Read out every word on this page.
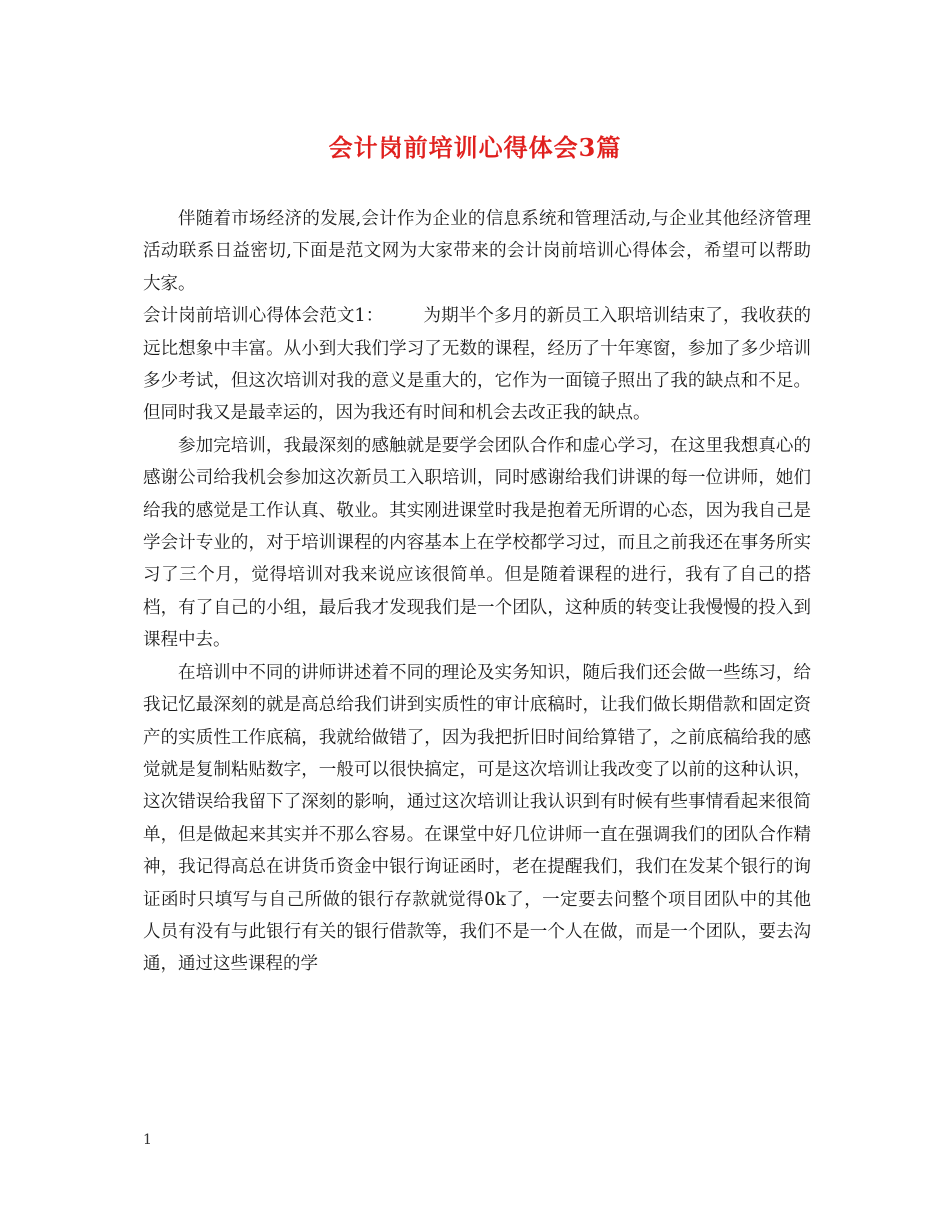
会计岗前培训心得体会3篇

伴随着市场经济的发展,会计作为企业的信息系统和管理活动,与企业其他经济管理活动联系日益密切,下面是范文网为大家带来的会计岗前培训心得体会，希望可以帮助大家。

会计岗前培训心得体会范文1： 为期半个多月的新员工入职培训结束了，我收获的远比想象中丰富。从小到大我们学习了无数的课程，经历了十年寒窗，参加了多少培训多少考试，但这次培训对我的意义是重大的，它作为一面镜子照出了我的缺点和不足。但同时我又是最幸运的，因为我还有时间和机会去改正我的缺点。

参加完培训，我最深刻的感触就是要学会团队合作和虚心学习，在这里我想真心的感谢公司给我机会参加这次新员工入职培训，同时感谢给我们讲课的每一位讲师，她们给我的感觉是工作认真、敬业。其实刚进课堂时我是抱着无所谓的心态，因为我自己是学会计专业的，对于培训课程的内容基本上在学校都学习过，而且之前我还在事务所实习了三个月，觉得培训对我来说应该很简单。但是随着课程的进行，我有了自己的搭档，有了自己的小组，最后我才发现我们是一个团队，这种质的转变让我慢慢的投入到课程中去。

在培训中不同的讲师讲述着不同的理论及实务知识，随后我们还会做一些练习，给我记忆最深刻的就是高总给我们讲到实质性的审计底稿时，让我们做长期借款和固定资产的实质性工作底稿，我就给做错了，因为我把折旧时间给算错了，之前底稿给我的感觉就是复制粘贴数字，一般可以很快搞定，可是这次培训让我改变了以前的这种认识，这次错误给我留下了深刻的影响，通过这次培训让我认识到有时候有些事情看起来很简单，但是做起来其实并不那么容易。在课堂中好几位讲师一直在强调我们的团队合作精神，我记得高总在讲货币资金中银行询证函时，老在提醒我们，我们在发某个银行的询证函时只填写与自己所做的银行存款就觉得0k了，一定要去问整个项目团队中的其他人员有没有与此银行有关的银行借款等，我们不是一个人在做，而是一个团队，要去沟通，通过这些课程的学

1
